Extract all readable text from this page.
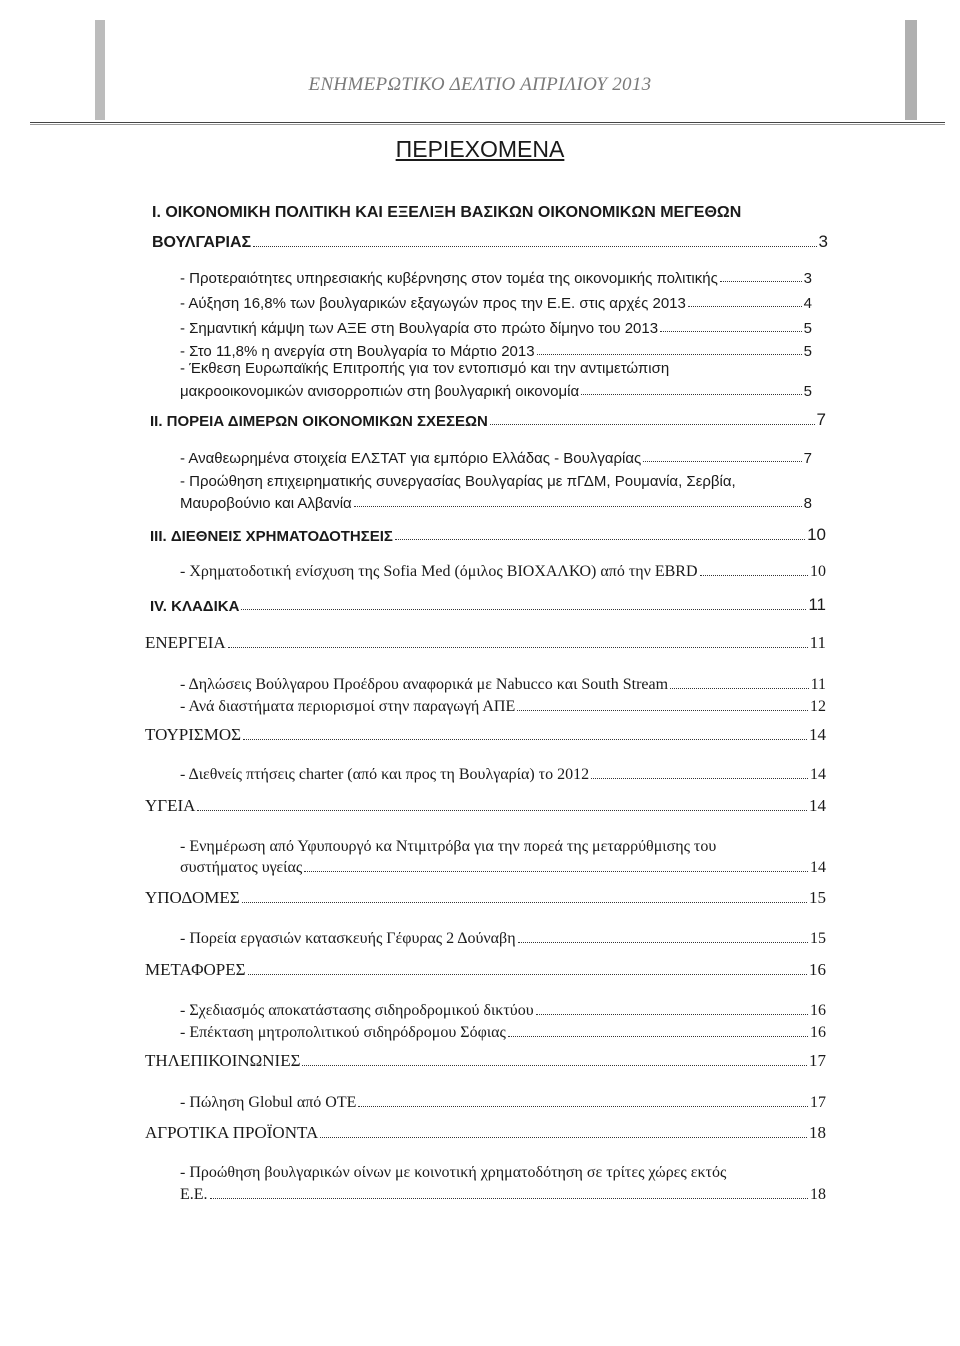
ΕΝΗΜΕΡΩΤΙΚΟ ΔΕΛΤΙΟ ΑΠΡΙΛΙΟΥ 2013
ΠΕΡΙΕΧΟΜΕΝΑ
I. ΟΙΚΟΝΟΜΙΚΗ ΠΟΛΙΤΙΚΗ ΚΑΙ ΕΞΕΛΙΞΗ ΒΑΣΙΚΩΝ ΟΙΚΟΝΟΜΙΚΩΝ ΜΕΓΕΘΩΝ
ΒΟΥΛΓΑΡΙΑΣ	3
- Προτεραιότητες υπηρεσιακής κυβέρνησης στον τομέα της οικονομικής πολιτικής	3
- Αύξηση 16,8% των βουλγαρικών εξαγωγών προς την Ε.Ε. στις αρχές 2013	4
- Σημαντική κάμψη των ΑΞΕ στη Βουλγαρία στο πρώτο δίμηνο του 2013	5
- Στο 11,8% η ανεργία στη Βουλγαρία το Μάρτιο 2013	5
- Έκθεση Ευρωπαϊκής Επιτροπής για τον εντοπισμό και την αντιμετώπιση
μακροοικονομικών ανισορροπιών στη βουλγαρική οικονομία	5
II. ΠΟΡΕΙΑ ΔΙΜΕΡΩΝ ΟΙΚΟΝΟΜΙΚΩΝ ΣΧΕΣΕΩΝ	7
- Αναθεωρημένα στοιχεία ΕΛΣΤΑΤ για εμπόριο Ελλάδας - Βουλγαρίας	7
- Προώθηση επιχειρηματικής συνεργασίας Βουλγαρίας με πΓΔΜ, Ρουμανία, Σερβία,
Μαυροβούνιο και Αλβανία	8
III. ΔΙΕΘΝΕΙΣ ΧΡΗΜΑΤΟΔΟΤΗΣΕΙΣ	10
- Χρηματοδοτική ενίσχυση της Sofia Med (όμιλος ΒΙΟΧΑΛΚΟ) από την EBRD	10
IV. ΚΛΑΔΙΚΑ	11
ΕΝΕΡΓΕΙΑ	11
- Δηλώσεις Βούλγαρου Προέδρου αναφορικά με Nabucco και South Stream	11
- Ανά διαστήματα περιορισμοί στην παραγωγή ΑΠΕ	12
ΤΟΥΡΙΣΜΟΣ	14
- Διεθνείς πτήσεις charter (από και προς τη Βουλγαρία) το 2012	14
ΥΓΕΙΑ	14
- Ενημέρωση από Υφυπουργό κα Ντιμιτρόβα για την πορεά της μεταρρύθμισης του
συστήματος υγείας	14
ΥΠΟΔΟΜΕΣ	15
- Πορεία εργασιών κατασκευής Γέφυρας 2 Δούναβη	15
ΜΕΤΑΦΟΡΕΣ	16
- Σχεδιασμός αποκατάστασης σιδηροδρομικού δικτύου	16
- Επέκταση μητροπολιτικού σιδηρόδρομου Σόφιας	16
ΤΗΛΕΠΙΚΟΙΝΩΝΙΕΣ	17
- Πώληση Globul από ΟΤΕ	17
ΑΓΡΟΤΙΚΑ ΠΡΟΪΟΝΤΑ	18
- Προώθηση βουλγαρικών οίνων με κοινοτική χρηματοδότηση σε τρίτες χώρες εκτός
Ε.Ε.	18
